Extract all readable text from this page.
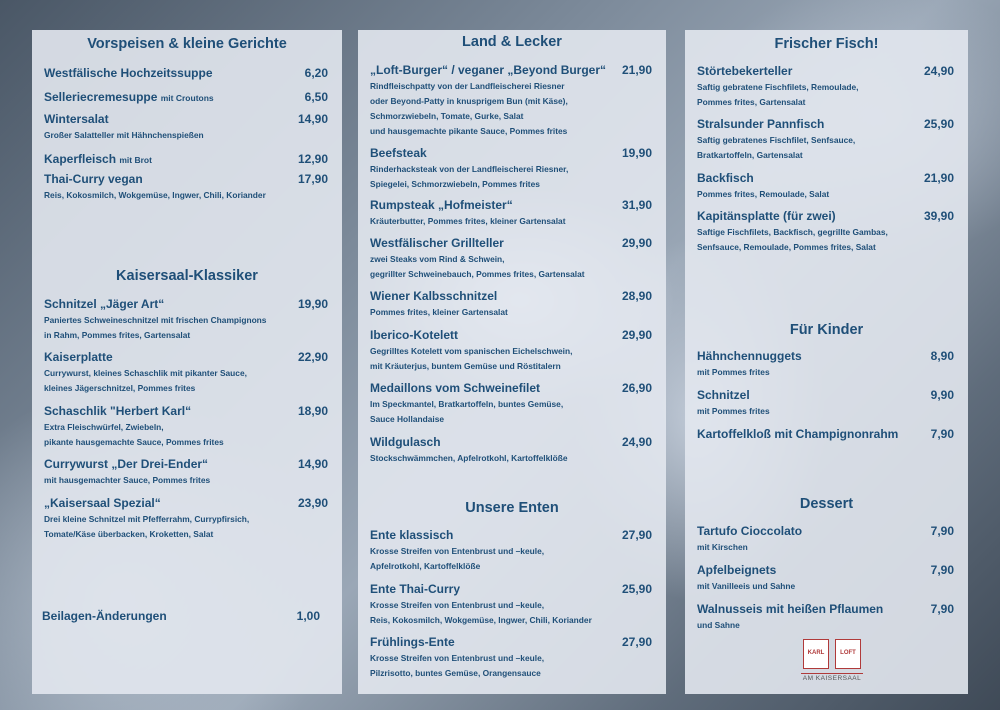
Vorspeisen & kleine Gerichte
Westfälische Hochzeitssuppe	6,20
Selleriecremesuppe mit Croutons	6,50
Wintersalat	14,90
Großer Salatteller mit Hähnchenspießen
Kaperfleisch mit Brot	12,90
Thai-Curry vegan	17,90
Reis, Kokosmilch, Wokgemüse, Ingwer, Chili, Koriander
Kaisersaal-Klassiker
Schnitzel „Jäger Art“	19,90
Paniertes Schweineschnitzel mit frischen Champignons
in Rahm, Pommes frites, Gartensalat
Kaiserplatte	22,90
Currywurst, kleines Schaschlik mit pikanter Sauce,
kleines Jägerschnitzel, Pommes frites
Schaschlik "Herbert Karl“	18,90
Extra Fleischwürfel, Zwiebeln,
pikante hausgemachte Sauce, Pommes frites
Currywurst „Der Drei-Ender“	14,90
mit hausgemachter Sauce, Pommes frites
„Kaisersaal Spezial“	23,90
Drei kleine Schnitzel mit Pfefferrahm, Currypfirsich,
Tomate/Käse überbacken, Kroketten, Salat
Beilagen-Änderungen	1,00
Land & Lecker
„Loft-Burger“ / veganer „Beyond Burger“ 21,90
Rindfleischpatty von der Landfleischerei Riesner
oder Beyond-Patty in knusprigem Bun (mit Käse),
Schmorzwiebeln, Tomate, Gurke, Salat
und hausgemachte pikante Sauce, Pommes frites
Beefsteak	19,90
Rinderhacksteak von der Landfleischerei Riesner,
Spiegelei, Schmorzwiebeln, Pommes frites
Rumpsteak „Hofmeister“	31,90
Kräuterbutter, Pommes frites, kleiner Gartensalat
Westfälischer Grillteller	29,90
zwei Steaks vom Rind & Schwein,
gegrillter Schweinebauch, Pommes frites, Gartensalat
Wiener Kalbsschnitzel	28,90
Pommes frites, kleiner Gartensalat
Iberico-Kotelett	29,90
Gegrilltes Kotelett vom spanischen Eichelschwein,
mit Kräuterjus, buntem Gemüse und Röstitalern
Medaillons vom Schweinefilet	26,90
Im Speckmantel, Bratkartoffeln, buntes Gemüse,
Sauce Hollandaise
Wildgulasch	24,90
Stockschwämmchen, Apfelrotkohl, Kartoffelklöße
Unsere Enten
Ente klassisch	27,90
Krosse Streifen von Entenbrust und –keule,
Apfelrotkohl, Kartoffelklöße
Ente Thai-Curry	25,90
Krosse Streifen von Entenbrust und –keule,
Reis, Kokosmilch, Wokgemüse, Ingwer, Chili, Koriander
Frühlings-Ente	27,90
Krosse Streifen von Entenbrust und –keule,
Pilzrisotto, buntes Gemüse, Orangensauce
Frischer Fisch!
Störtebekerteller	24,90
Saftig gebratene Fischfilets, Remoulade,
Pommes frites, Gartensalat
Stralsunder Pannfisch	25,90
Saftig gebratenes Fischfilet, Senfsauce,
Bratkartoffeln, Gartensalat
Backfisch	21,90
Pommes frites, Remoulade, Salat
Kapitänsplatte (für zwei)	39,90
Saftige Fischfilets, Backfisch, gegrillte Gambas,
Senfsauce, Remoulade, Pommes frites, Salat
Für Kinder
Hähnchennuggets	8,90
mit Pommes frites
Schnitzel	9,90
mit Pommes frites
Kartoffelkloß mit Champignonrahm	7,90
Dessert
Tartufo Cioccolato	7,90
mit Kirschen
Apfelbeignets	7,90
mit Vanilleeis und Sahne
Walnusseis mit heißen Pflaumen	7,90
und Sahne
KARL	LOFT
AM KAISERSAAL
